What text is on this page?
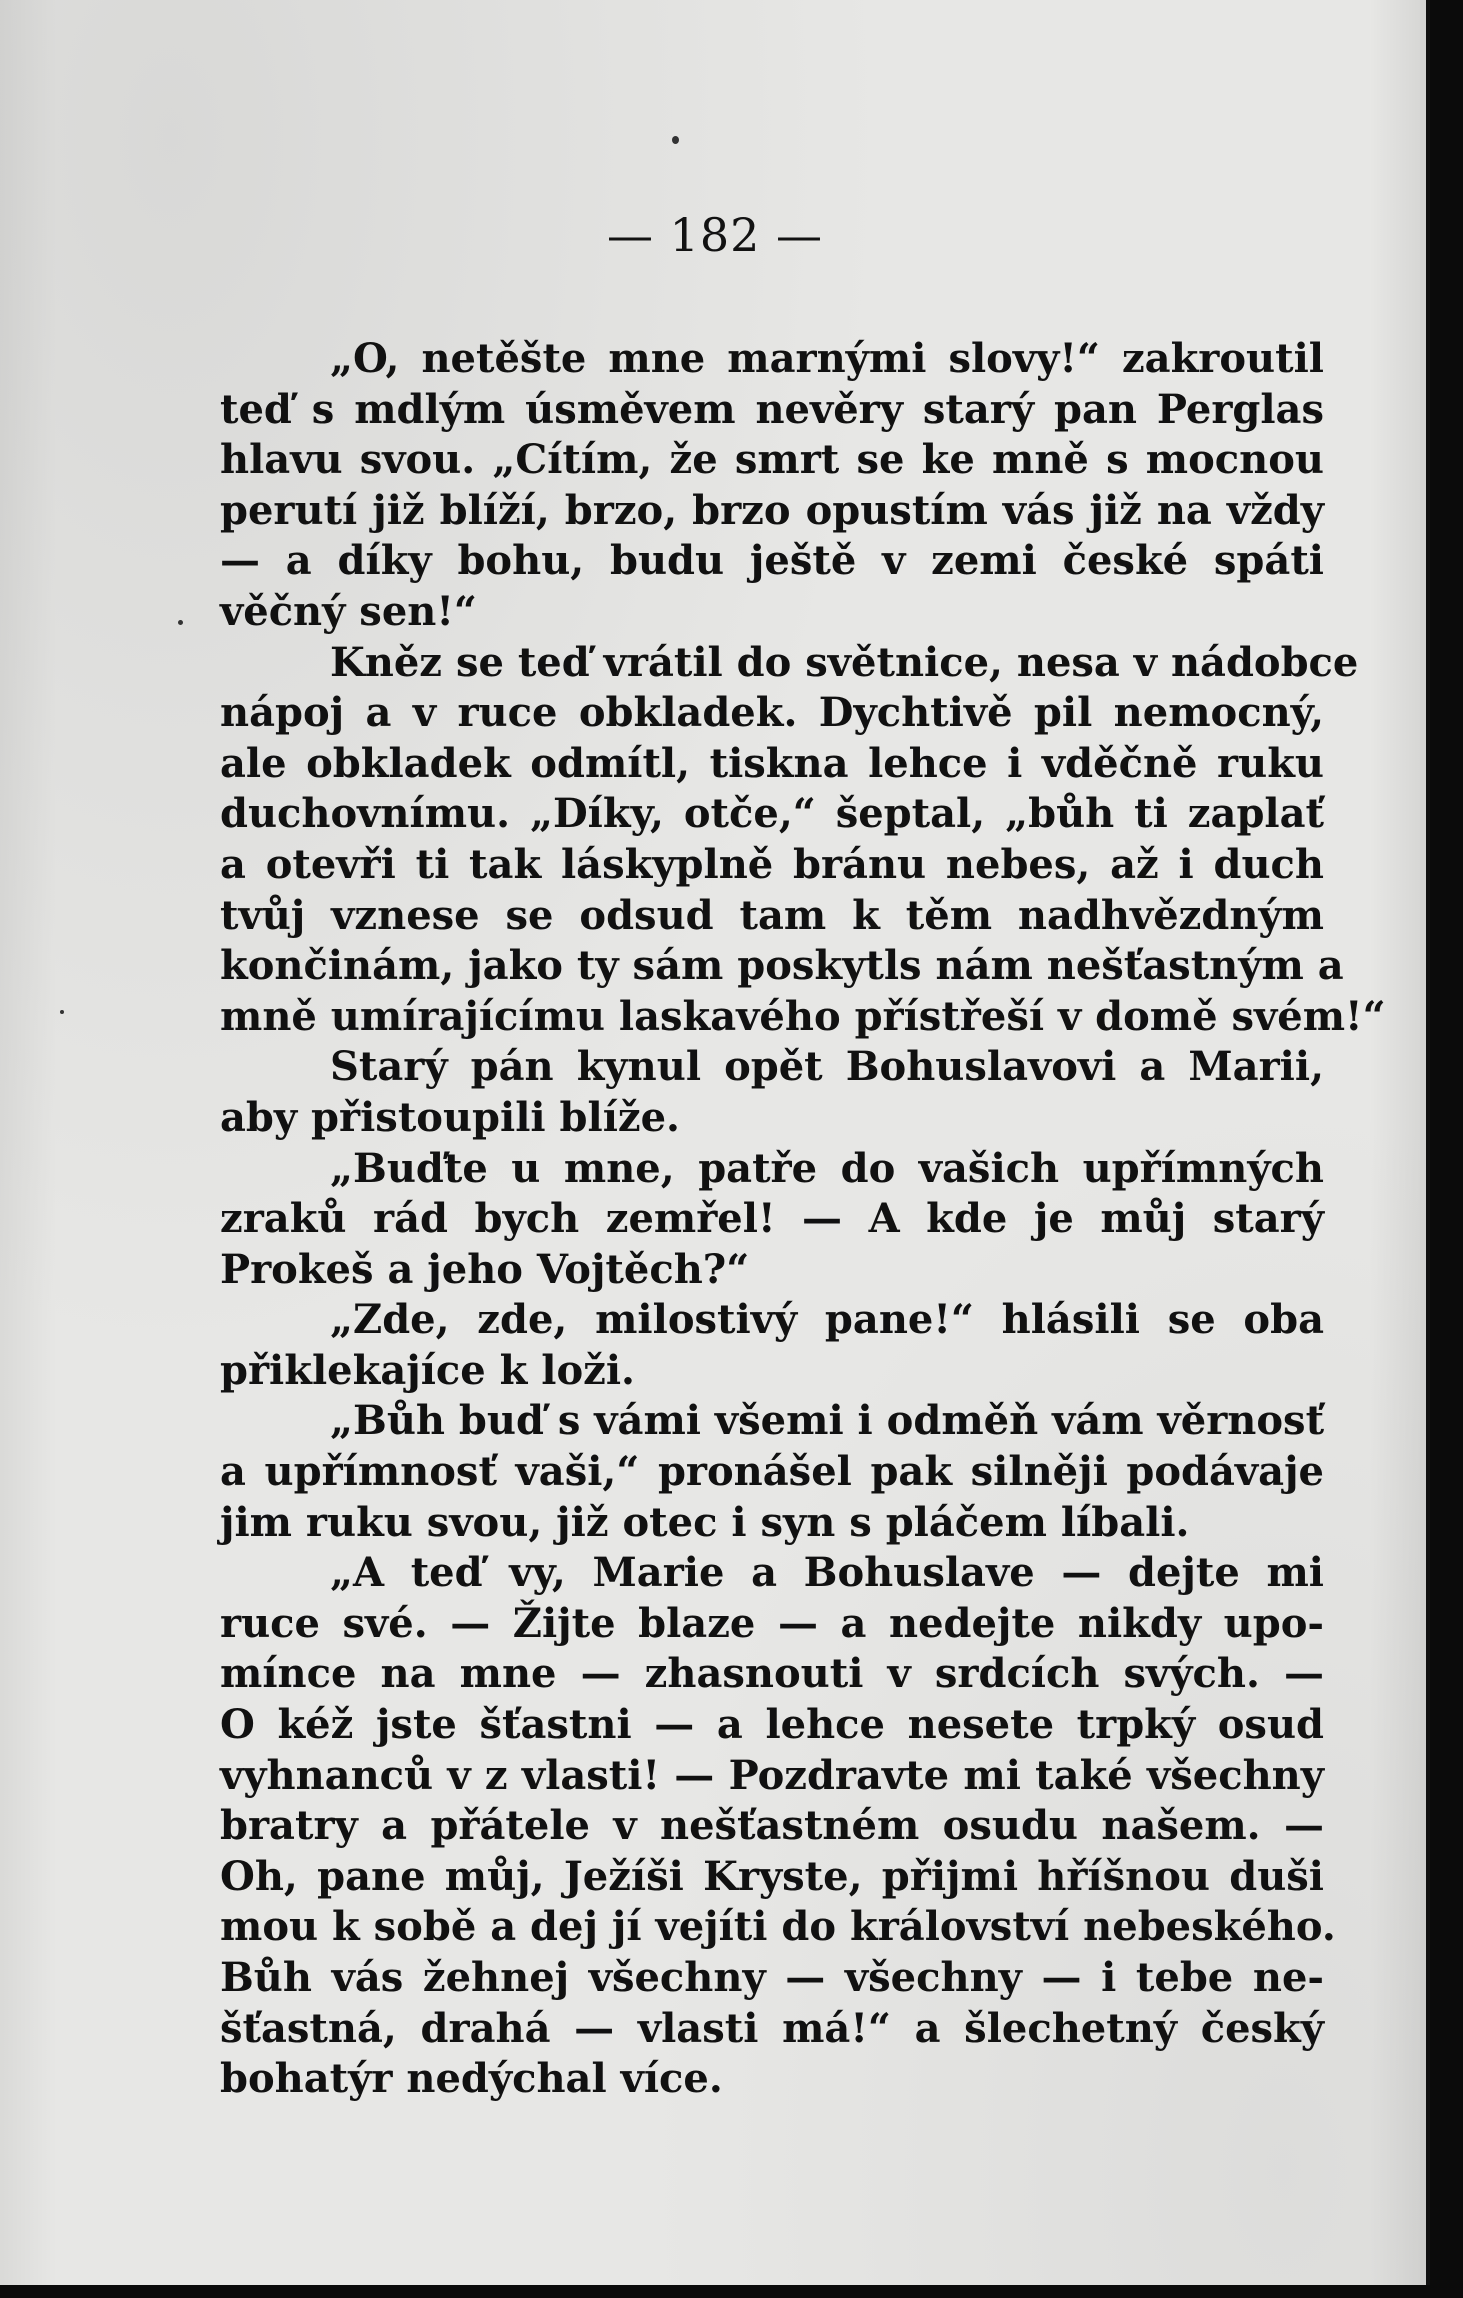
— 182 —
„O, netěšte mne marnými slovy!“ zakroutil
teď s mdlým úsměvem nevěry starý pan Perglas
hlavu svou. „Cítím, že smrt se ke mně s mocnou
perutí již blíží, brzo, brzo opustím vás již na vždy
— a díky bohu, budu ještě v zemi české spáti
věčný sen!“
Kněz se teď vrátil do světnice, nesa v nádobce
nápoj a v ruce obkladek. Dychtivě pil nemocný,
ale obkladek odmítl, tiskna lehce i vděčně ruku
duchovnímu. „Díky, otče,“ šeptal, „bůh ti zaplať
a otevři ti tak láskyplně bránu nebes, až i duch
tvůj vznese se odsud tam k těm nadhvězdným
končinám, jako ty sám poskytls nám nešťastným a
mně umírajícímu laskavého přístřeší v domě svém!“
Starý pán kynul opět Bohuslavovi a Marii,
aby přistoupili blíže.
„Buďte u mne, patře do vašich upřímných
zraků rád bych zemřel! — A kde je můj starý
Prokeš a jeho Vojtěch?“
„Zde, zde, milostivý pane!“ hlásili se oba
přiklekajíce k loži.
„Bůh buď s vámi všemi i odměň vám věrnosť
a upřímnosť vaši,“ pronášel pak silněji podávaje
jim ruku svou, již otec i syn s pláčem líbali.
„A teď vy, Marie a Bohuslave — dejte mi
ruce své. — Žijte blaze — a nedejte nikdy upo-
mínce na mne — zhasnouti v srdcích svých. —
O kéž jste šťastni — a lehce nesete trpký osud
vyhnanců v z vlasti! — Pozdravte mi také všechny
bratry a přátele v nešťastném osudu našem. —
Oh, pane můj, Ježíši Kryste, přijmi hříšnou duši
mou k sobě a dej jí vejíti do království nebeského.
Bůh vás žehnej všechny — všechny — i tebe ne-
šťastná, drahá — vlasti má!“ a šlechetný český
bohatýr nedýchal více.
